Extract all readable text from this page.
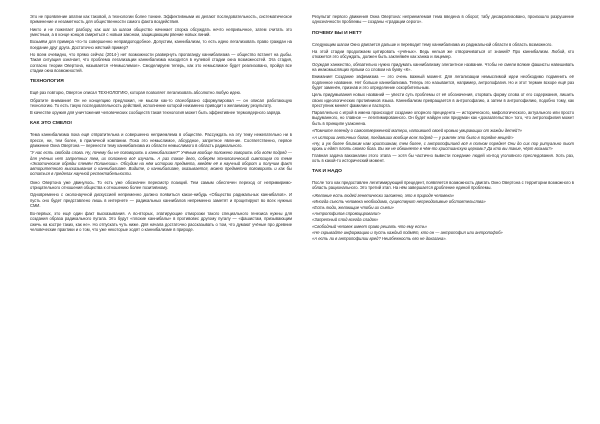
Это не проявление апатии как таковой, а технологии более тонкие. Эффективными их делают последовательность, систематическое применение и незаметность для общественности самого факта воздействия.

Никто и не пожелает разбору, как шаг за шагом общество начинает спорка обсуждать нечто непривычное, затем считать это уместным, а в конце концов смириться с новым законом, защищающим рвение новых линий.

Возьмём для примера что-то совершенно неправдоподобное. Допустим, каннибализм, то есть идею легализовать право граждан на поедание друг друга. Достаточно жёсткий пример?

Но всем очевидно, что прямо сейчас (2014-) нет возможности развернуть пропаганду каннибализма — общество встанет на дыбы. Такая ситуация означает, что проблема легализации каннибализма находится в нулевой стадии окна возможностей. Эта стадия, согласно теории Овертона, называется «Немыслимое». Смоделируем теперь, как это немыслимое будет реализовано, пройдя все стадии окна возможностей.

ТЕХНОЛОГИЯ

Ещё раз повторю, Овертон описал ТЕХНОЛОГИЮ, которая позволяет легализовать абсолютно любую идею.

Обратите внимание! Он не концепцию предложил, не мысли как-то своеобразно сформулировал — он описал работающую технологию. То есть такую последовательность действий, исполнение которой неизменно приводит к желаемому результату.

В качестве оружия для уничтожения человеческих сообществ такая технология может быть эффективнее термоядерного заряда.

КАК ЭТО СМЕЛО!

Тема каннибализма пока ещё отвратительна и совершенно неприемлема в обществе. Рассуждать на эту тему нежелательно ни в прессе, ни, тем более, в приличной компании. Пока это немыслимое, абсурдное, запретное явление. Соответственно, первое движение Окна Овертона — перенести тему каннибализма из области немыслимого в область радикального.

"У нас есть свобода слова. Ну, почему бы не поговорить о каннибализме?" Учёным вообще положено говорить обо всём подряд — для учёных нет запретных тем, их положено всё изучать. А раз такое дело, соберём этнологический симпозиум по теме «Экзотические обряды племён Полинезии». Обсудим на нём историю предмета, введём её в научный оборот и получим факт авторитетного высказывания о каннибализме. Видите, о каннибализме, оказывается, можно предметно поговорить и как бы остаться в пределах научной респектабельности.

Окно Овертона уже двинулось. То есть уже обозначен пересмотр позиций. Тем самым обеспечен переход от непримиримо-отрицательного отношения общества к отношению более позитивному.

Одновременно с околонаучной дискуссией непременно должно появиться какое-нибудь «Общество радикальных каннибалов». И пусть оно будет представлено лишь в интернете — радикальных каннибалов непременно заметят и процитируют во всех нужных СМИ.

Во-первых, это ещё один факт высказывания. А во-вторых, эпатирующие отморозки такого специального генезиса нужны для создания образа радикального пугала. Это будут «плохие каннибалы» в противовес другому пугалу — «фашистам, призывающим сжечь на костре таких, как не». Но отпускать чуть ниже. Для начала достаточно рассказывать о том, что думают учёные про древние человеческие практики и о том, что уже некоторые ходят о каннибализме в природе.

Результат первого движения Окна Овертона: неприемлемая тема введена в оборот, табу десакрализовано, произошло разрушение однозначности проблемы — созданы «градации серого».

ПОЧЕМУ БЫ И НЕТ?

Следующим шагом Окно двигается дальше и переводит тему каннибализма из радикальной области в область возможного.

На этой стадии продолжаем цитировать «учёных». Ведь нельзя же отворачиваться от знаний? Про каннибализм. Любой, кто откажется это обсуждать, должен быть заклеймён как ханжа и лицемер.

Осуждая ханжество, обязательно нужно придумать каннибализму элегантное название. Чтобы не смели всякие фашисты навешивать на инакомыслящих ярлыки со словом на букву «К».

Внимание! Создание эвфемизма — это очень важный момент. Для легализации немыслимой идеи необходимо подменить её подлинное название. Нет больше каннибализма. Теперь это называется, например, антропофагия. Но и этот термин вскоре ещё раз будет заменён, признав и это определение оскорбительным.

Цель придумывания новых названий — увести суть проблемы от её обозначения, оторвать форму слова от его содержания, лишить своих идеологических противников языка. Каннибализм превращается в антропофагию, а затем в антропофилию, подобно тому, как преступник меняет фамилии и паспорта.

Параллельно с игрой в имена происходит создание опорного прецедента — исторического, мифологического, актуального или просто выдуманного, но главное — легитимированного. Он будет найден или придуман как «доказательство» того, что антропофилия может быть в принципе узаконена.

«Помните легенду о самоотверженной матери, напоившей своей кровью умирающих от жажды детей?»

«А истории античных богов, поедавших вообще всех подряд — у римлян это было в порядке вещей!»

«Ну, а уж более близким нам христианам, тем более, с антропофилией всё в полном порядке! Они до сих пор ритуально пьют кровь и едят плоть своего бога. Вы же не обвиняете в чём-то христианскую церковь? Да кто вы такие, чёрт возьми?»

Главная задача вакханалии этого этапа — хотя бы частично вывести поедание людей из-под уголовного преследования. Хоть раз, хоть в какой-то исторический момент.

ТАК И НАДО

После того как предоставлен легитимирующий прецедент, появляется возможность двигать Окно Овертона с территории возможного в область рационального. Это третий этап. На нём завершается дробление единой проблемы.

«Желание есть людей генетически заложено, это в природе человека»

«Иногда съесть человека необходимо, существуют непреодолимые обстоятельства»

«Есть люди, желающие чтобы их съели»

«Антропофилов спровоцировали!»

«Запретный плод всегда сладок»

«Свободный человек имеет право решать что ему есть»

«Не скрывайте информацию и пусть каждый поймёт, кто он — антропофил или антропофоб»

«А есть ли в антропофилии вред? Неизбежность его не доказана».
